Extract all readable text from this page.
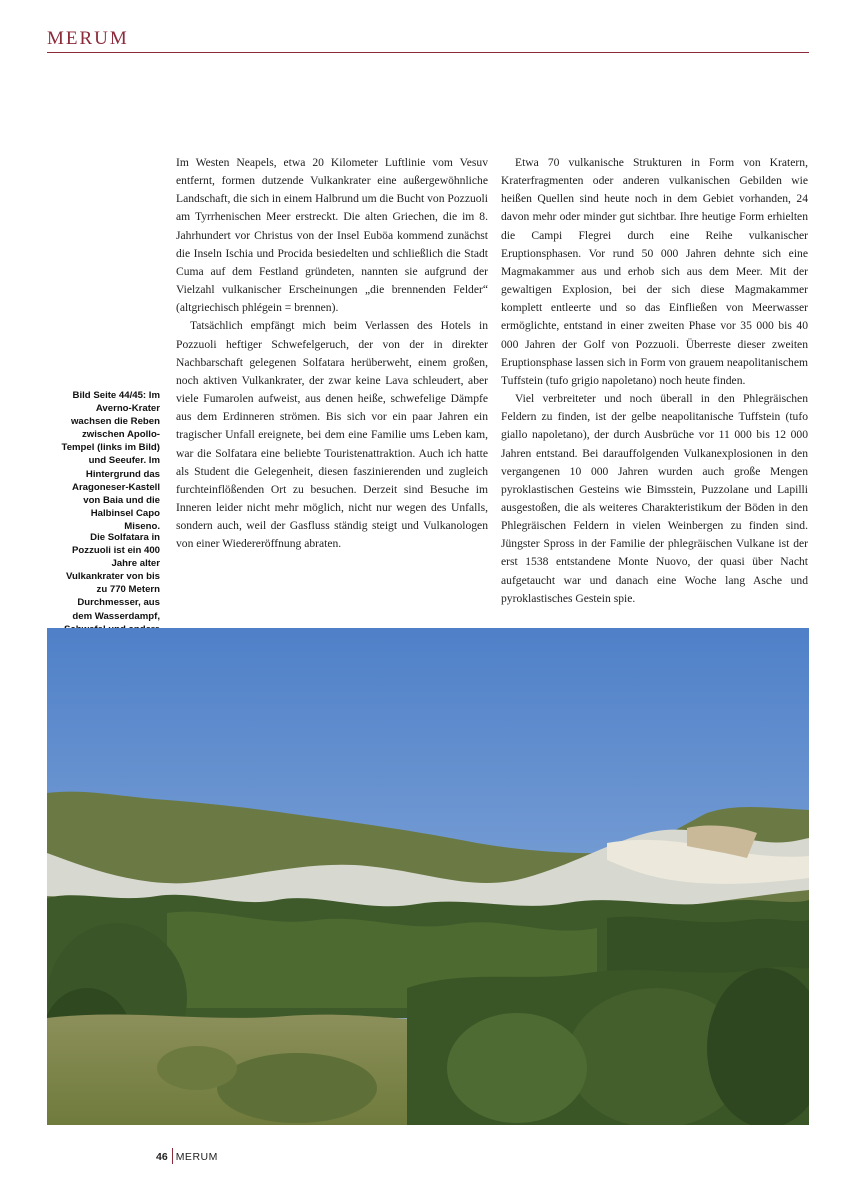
MERUM
Bild Seite 44/45: Im Averno-Krater wachsen die Reben zwischen Apollo-Tempel (links im Bild) und Seeufer. Im Hintergrund das Aragoneser-Kastell von Baia und die Halbinsel Capo Miseno.
Die Solfatara in Pozzuoli ist ein 400 Jahre alter Vulkankrater von bis zu 770 Metern Durchmesser, aus dem Wasserdampf,

Im Westen Neapels, etwa 20 Kilometer Luftlinie vom Vesuv entfernt, formen dutzende Vulkankrater eine außergewöhnliche Landschaft, die sich in einem Halbrund um die Bucht von Pozzuoli am Tyrrhenischen Meer erstreckt. Die alten Griechen, die im 8. Jahrhundert vor Christus von der Insel Euböa kommend zunächst die Inseln Ischia und Procida besiedelten und schließlich die Stadt Cuma auf dem Festland gründeten, nannten sie aufgrund der Vielzahl vulkanischer Erscheinungen „die brennenden Felder“ (altgriechisch phlégein = brennen).

Tatsächlich empfängt mich beim Verlassen des Hotels in Pozzuoli heftiger Schwefelgeruch, der von der in direkter Nachbarschaft gelegenen Solfatara herüberweht, einem großen, noch aktiven Vulkankrater, der zwar keine Lava schleudert, aber viele Fumarolen aufweist, aus denen heiße, schwefelige Dämpfe aus dem Erdinneren strömen. Bis sich vor ein paar Jahren ein tragischer Unfall ereignete, bei dem eine Familie ums Leben kam, war die Solfatara eine beliebte Touristenattraktion. Auch ich hatte als Student die Gelegenheit, diesen faszinierenden und zugleich furchteinflößenden Ort zu besuchen. Derzeit sind Besuche im Inneren leider nicht mehr möglich, nicht nur wegen des Unfalls, sondern auch, weil der Gasfluss ständig steigt und Vulkanologen von einer Wiedereröffnung abraten.

Etwa 70 vulkanische Strukturen in Form von Kratern, Kraterfragmenten oder anderen vulkanischen Gebilden wie heißen Quellen sind heute noch in dem Gebiet vorhanden, 24 davon mehr oder minder gut sichtbar. Ihre heutige Form erhielten die Campi Flegrei durch eine Reihe vulkanischer Eruptionsphasen. Vor rund 50 000 Jahren dehnte sich eine Magmakammer aus und erhob sich aus dem Meer. Mit der gewaltigen Explosion, bei der sich diese Magmakammer komplett entleerte und so das Einfließen von Meerwasser ermöglichte, entstand in einer zweiten Phase vor 35 000 bis 40 000 Jahren der Golf von Pozzuoli. Überreste dieser zweiten Eruptionsphase lassen sich in Form von grauem neapolitanischem Tuffstein (tufo grigio napoletano) noch heute finden.

Viel verbreiteter und noch überall in den Phlegräischen Feldern zu finden, ist der gelbe neapolitanische Tuffstein (tufo giallo napoletano), der durch Ausbrüche vor 11 000 bis 12 000 Jahren entstand. Bei darauffolgenden Vulkanexplosionen in den vergangenen 10 000 Jahren wurden auch große Mengen pyroklastischen Gesteins wie Bimsstein, Puzzolane und Lapilli ausgestoßen, die als weiteres Charakteristikum der Böden in den Phlegräischen Feldern in vielen Weinbergen zu finden sind. Jüngster Spross in der Familie der phlegräischen Vulkane ist der erst 1538 entstandene Monte Nuovo, der quasi über Nacht aufgetaucht war und danach eine Woche lang Asche und pyroklastisches Gestein spie.

46 MERUM
